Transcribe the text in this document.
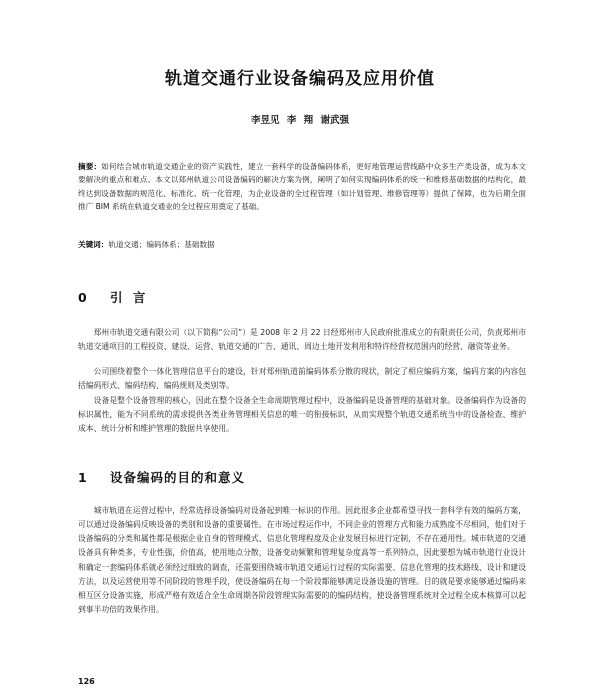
轨道交通行业设备编码及应用价值
李昱见 李 翔 谢武强
摘要：如何结合城市轨道交通企业的资产实践性，建立一套科学的设备编码体系，更好地管理运营线路中众多生产类设备，成为本文要解决的重点和难点。本文以郑州轨道公司设备编码的解决方案为例，阐明了如何实现编码体系的统一和维修基础数据的结构化，最终达到设备数据的规范化、标准化、统一化管理，为企业设备的全过程管理（如计划管理、维修管理等）提供了保障，也为后期全面推广 BIM 系统在轨道交通业的全过程应用奠定了基础。
关键词：轨道交通；编码体系；基础数据
0 引 言

郑州市轨道交通有限公司（以下简称“公司”）是 2008 年 2 月 22 日经郑州市人民政府批准成立的有限责任公司，负责郑州市轨道交通项目的工程投资、建设、运营、轨道交通的广告、通讯、周边土地开发利用和特许经营权范围内的经营、融资等业务。

公司围绕着整个一体化管理信息平台的建设，针对郑州轨道前编码体系分散的现状，制定了相应编码方案，编码方案的内容包括编码形式、编码结构、编码规则及类别等。

设备是整个设备管理的核心，因此在整个设备全生命周期管理过程中，设备编码是设备管理的基础对象。设备编码作为设备的标识属性，能为不同系统的需求提供各类业务管理相关信息的唯一的衔接标识，从而实现整个轨道交通系统当中的设备检查、维护成本、统计分析和维护管理的数据共享使用。

1 设备编码的目的和意义

城市轨道在运营过程中，经常选择设备编码对设备起到唯一标识的作用。因此很多企业都希望寻找一套科学有效的编码方案，可以通过设备编码反映设备的类别和设备的重要属性。在市场过程运作中，不同企业的管理方式和能力成熟度不尽相同，他们对于设备编码的分类和属性都是根据企业自身的管理模式、信息化管理程度及企业发展目标进行定制，不存在通用性。城市轨道的交通设备具有种类多，专业性强，价值高，使用地点分散，设备变动频繁和管理复杂度高等一系列特点，因此要想为城市轨道行业设计和确定一套编码体系就必须经过细致的调查，还需要围绕城市轨道交通运行过程的实际需要、信息化管理的技术路线、设计和建设方法，以及运营使用等不同阶段的管理手段，使设备编码在每一个阶段都能够满足设备设施的管理。目的就是要求能够通过编码来相互区分设备实施，形成严格有效适合全生命周期各阶段管理实际需要的的编码结构，使设备管理系统对全过程全成本核算可以起到事半功倍的效果作用。

126
